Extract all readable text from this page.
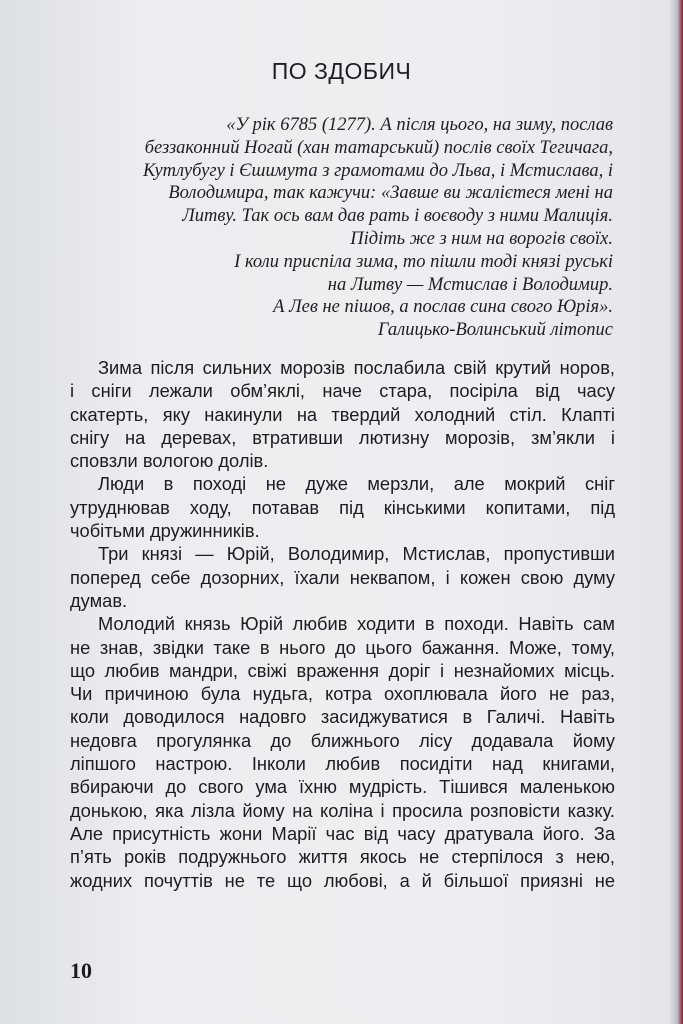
ПО ЗДОБИЧ
«У рік 6785 (1277). А після цього, на зиму, послав
беззаконний Ногай (хан татарський) послів своїх Тегичага,
Кутлубугу і Єшимута з грамотами до Льва, і Мстислава, і
Володимира, так кажучи: «Завше ви жалієтеся мені на
Литву. Так ось вам дав рать і воєводу з ними Малиція.
Підіть же з ним на ворогів своїх.
І коли приспіла зима, то пішли тоді князі руські
на Литву — Мстислав і Володимир.
А Лев не пішов, а послав сина свого Юрія».
Галицько-Волинський літопис
Зима після сильних морозів послабила свій крутий норов,
і сніги лежали обм’яклі, наче стара, посіріла від часу
скатерть, яку накинули на твердий холодний стіл. Клапті
снігу на деревах, втративши лютизну морозів, зм’якли і
сповзли вологою долів.
Люди в поході не дуже мерзли, але мокрий сніг
утруднював ходу, потавав під кінськими копитами, під
чобітьми дружинників.
Три князі — Юрій, Володимир, Мстислав, пропустивши
поперед себе дозорних, їхали неквапом, і кожен свою думу
думав.
Молодий князь Юрій любив ходити в походи. Навіть сам
не знав, звідки таке в нього до цього бажання. Може, тому,
що любив мандри, свіжі враження доріг і незнайомих місць.
Чи причиною була нудьга, котра охоплювала його не раз,
коли доводилося надовго засиджуватися в Галичі. Навіть
недовга прогулянка до ближнього лісу додавала йому
ліпшого настрою. Інколи любив посидіти над книгами,
вбираючи до свого ума їхню мудрість. Тішився маленькою
донькою, яка лізла йому на коліна і просила розповісти казку.
Але присутність жони Марії час від часу дратувала його. За
п’ять років подружнього життя якось не стерпілося з нею,
жодних почуттів не те що любові, а й більшої приязні не
10
